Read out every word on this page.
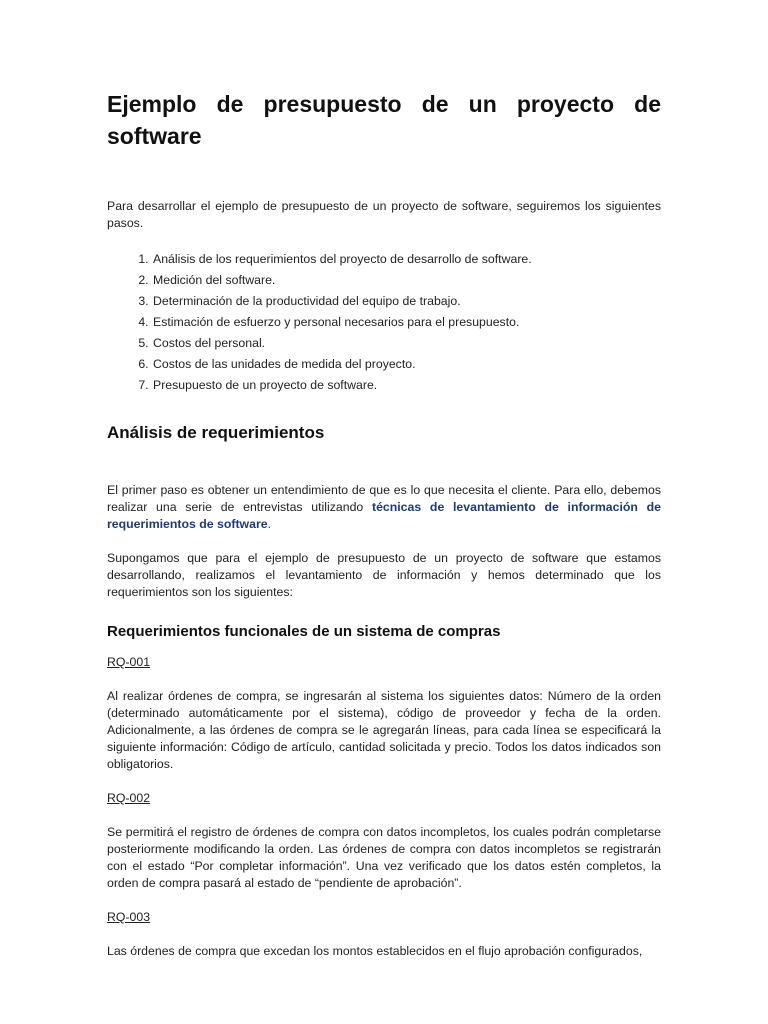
Ejemplo de presupuesto de un proyecto de software

Para desarrollar el ejemplo de presupuesto de un proyecto de software, seguiremos los siguientes pasos.

1. Análisis de los requerimientos del proyecto de desarrollo de software.
2. Medición del software.
3. Determinación de la productividad del equipo de trabajo.
4. Estimación de esfuerzo y personal necesarios para el presupuesto.
5. Costos del personal.
6. Costos de las unidades de medida del proyecto.
7. Presupuesto de un proyecto de software.
Análisis de requerimientos

El primer paso es obtener un entendimiento de que es lo que necesita el cliente. Para ello, debemos realizar una serie de entrevistas utilizando técnicas de levantamiento de información de requerimientos de software.

Supongamos que para el ejemplo de presupuesto de un proyecto de software que estamos desarrollando, realizamos el levantamiento de información y hemos determinado que los requerimientos son los siguientes:

Requerimientos funcionales de un sistema de compras

RQ-001

Al realizar órdenes de compra, se ingresarán al sistema los siguientes datos: Número de la orden (determinado automáticamente por el sistema), código de proveedor y fecha de la orden. Adicionalmente, a las órdenes de compra se le agregarán líneas, para cada línea se especificará la siguiente información: Código de artículo, cantidad solicitada y precio. Todos los datos indicados son obligatorios.

RQ-002

Se permitirá el registro de órdenes de compra con datos incompletos, los cuales podrán completarse posteriormente modificando la orden. Las órdenes de compra con datos incompletos se registrarán con el estado “Por completar información”. Una vez verificado que los datos estén completos, la orden de compra pasará al estado de “pendiente de aprobación”.

RQ-003

Las órdenes de compra que excedan los montos establecidos en el flujo aprobación configurados,
